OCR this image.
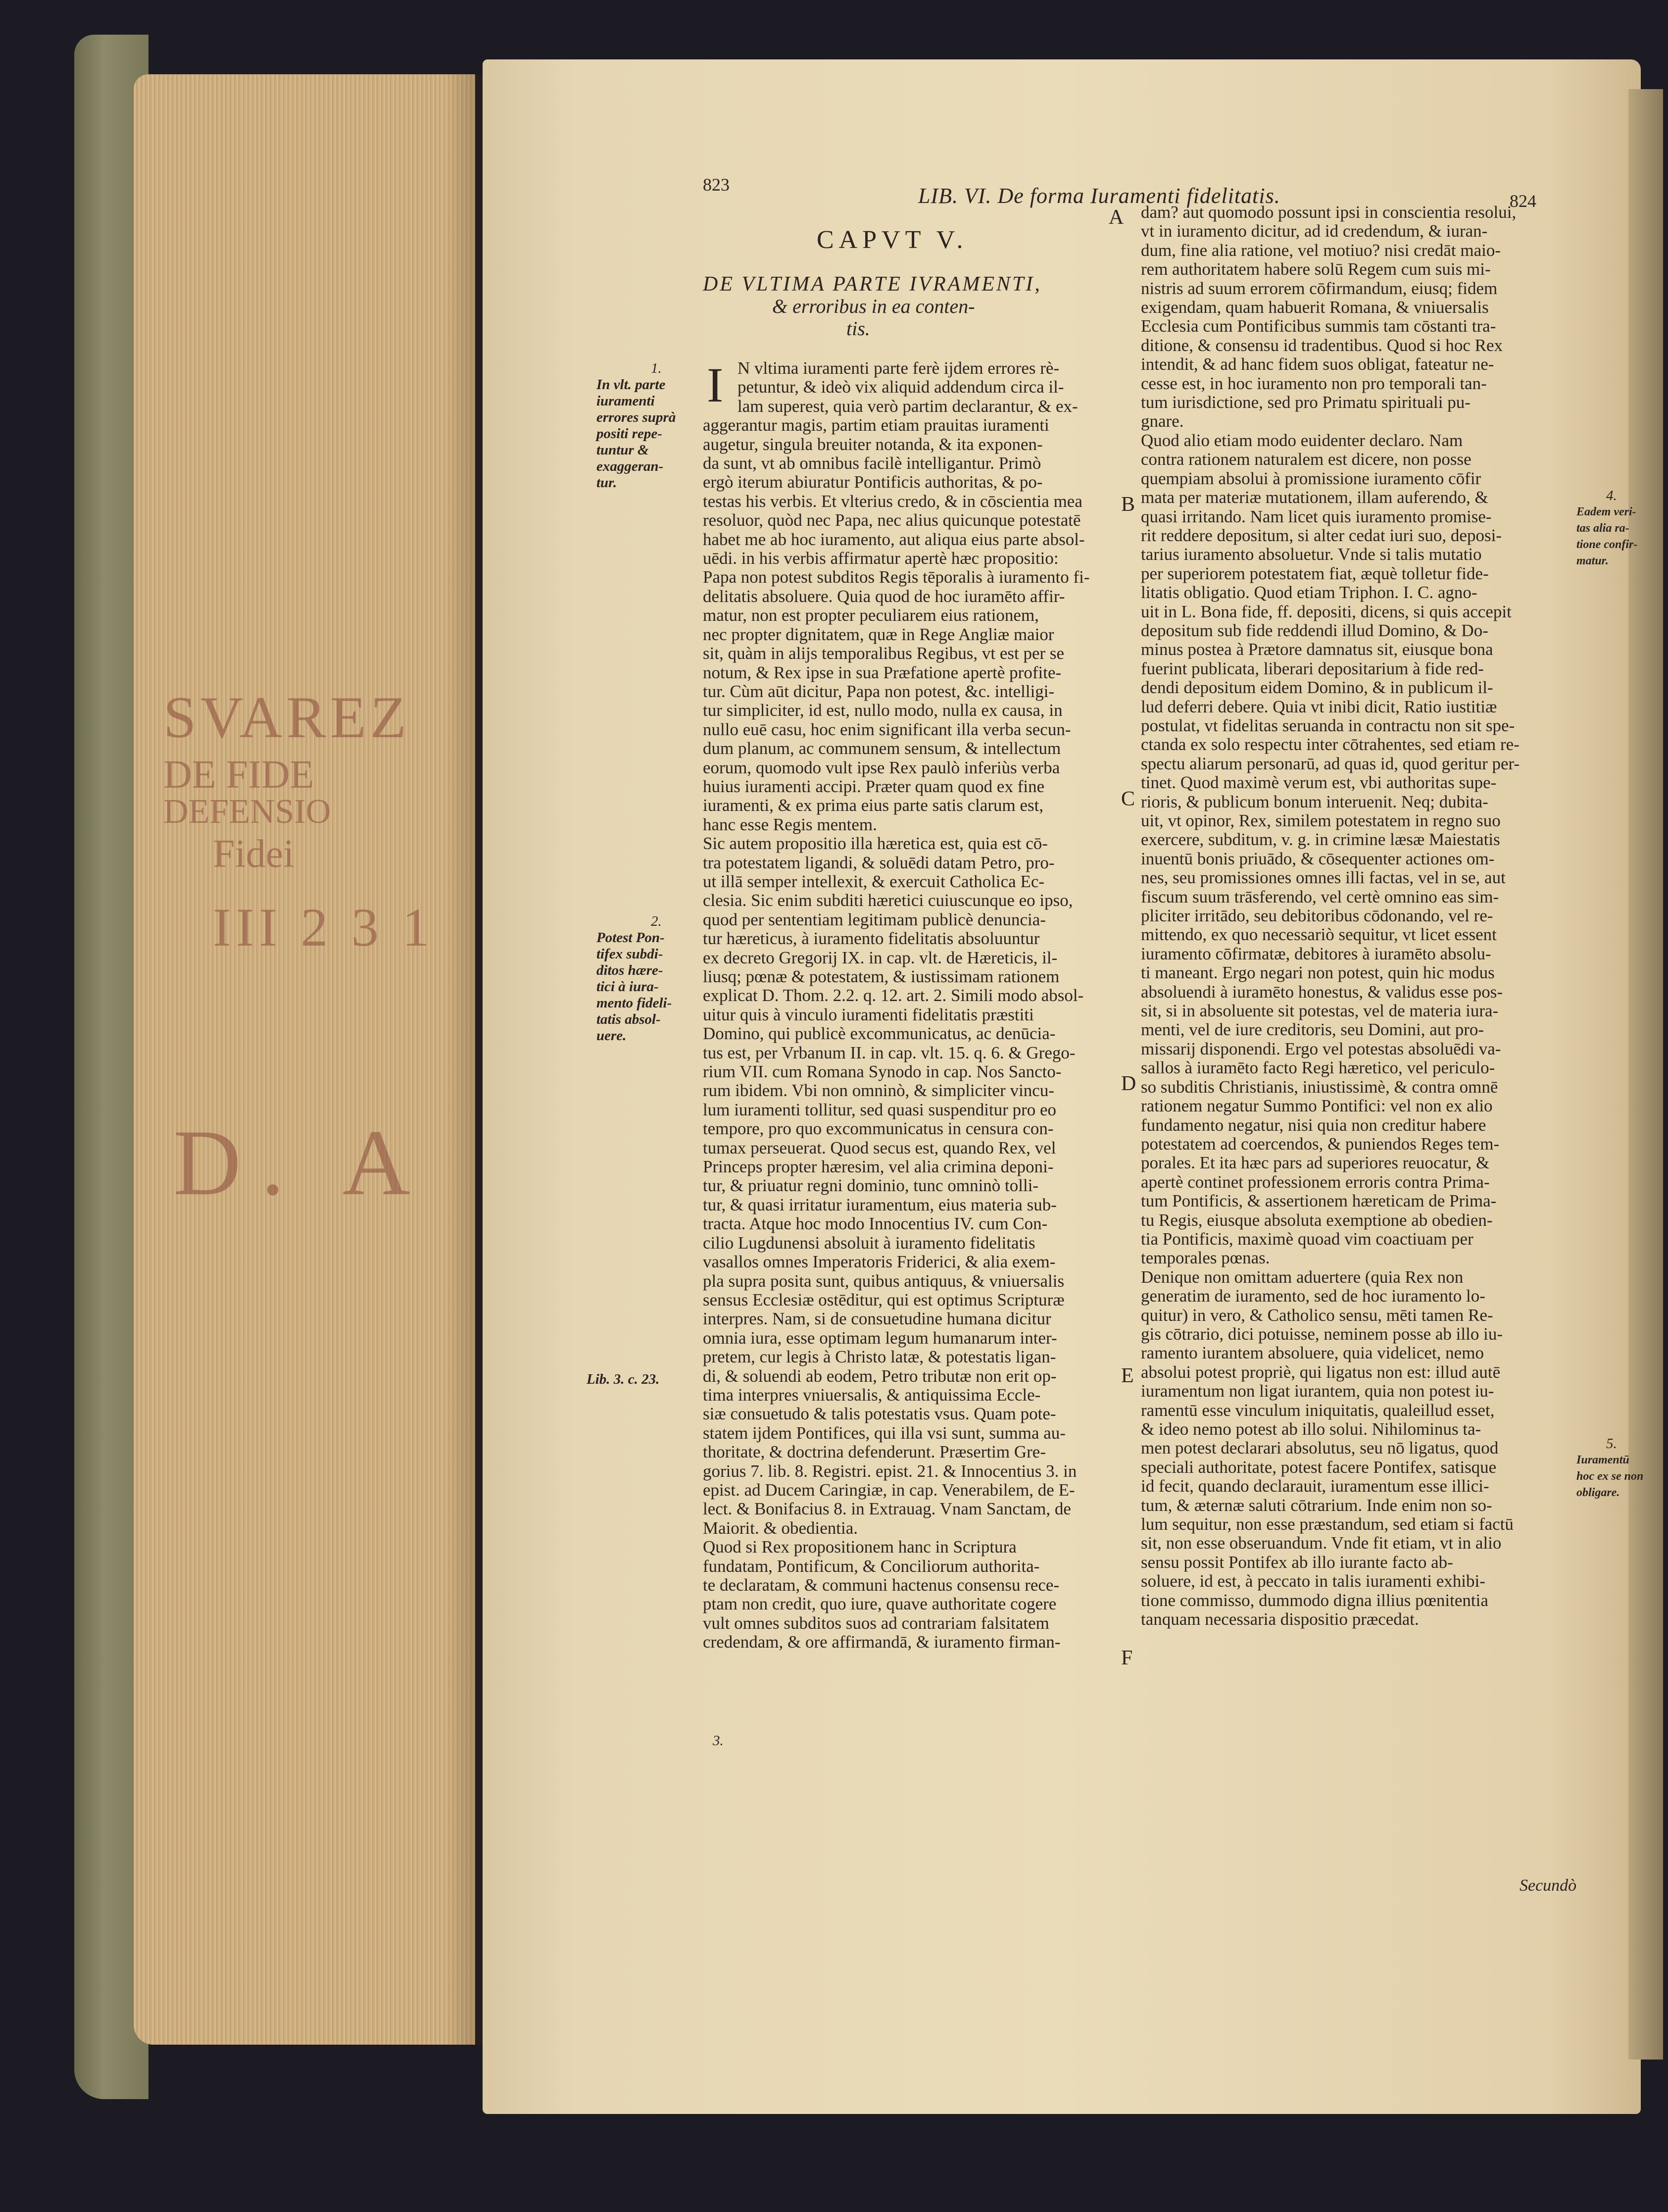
SVAREZ
DE FIDE
DEFENSIO
Fidei
III 2 3 1
D. A
823	LIB. VI. De forma Iuramenti fidelitatis.	824
CAPVT V.
DE VLTIMA PARTE IVRAMENTI,
& erroribus in ea conten-
tis.
I N vltima iuramenti parte ferè ijdem errores rè-
petuntur, & ideò vix aliquid addendum circa il-
lam superest, quia verò partim declarantur, & ex-
aggerantur magis, partim etiam prauitas iuramenti
augetur, singula breuiter notanda, & ita exponen-
da sunt, vt ab omnibus facilè intelligantur. Primò
ergò iterum abiuratur Pontificis authoritas, & po-
testas his verbis. Et vlterius credo, & in cōscientia mea
resoluor, quòd nec Papa, nec alius quicunque potestatē
habet me ab hoc iuramento, aut aliqua eius parte absol-
uēdi. in his verbis affirmatur apertè hæc propositio:
Papa non potest subditos Regis tēporalis à iuramento fi-
delitatis absoluere. Quia quod de hoc iuramēto affir-
matur, non est propter peculiarem eius rationem,
nec propter dignitatem, quæ in Rege Angliæ maior
sit, quàm in alijs temporalibus Regibus, vt est per se
notum, & Rex ipse in sua Præfatione apertè profite-
tur. Cùm aūt dicitur, Papa non potest, &c. intelligi-
tur simpliciter, id est, nullo modo, nulla ex causa, in
nullo euē casu, hoc enim significant illa verba secun-
dum planum, ac communem sensum, & intellectum
eorum, quomodo vult ipse Rex paulò inferiùs verba
huius iuramenti accipi. Præter quam quod ex fine
iuramenti, & ex prima eius parte satis clarum est,
hanc esse Regis mentem.
Sic autem propositio illa hæretica est, quia est cō-
tra potestatem ligandi, & soluēdi datam Petro, pro-
ut illā semper intellexit, & exercuit Catholica Ec-
clesia. Sic enim subditi hæretici cuiuscunque eo ipso,
quod per sententiam legitimam publicè denuncia-
tur hæreticus, à iuramento fidelitatis absoluuntur
ex decreto Gregorij IX. in cap. vlt. de Hæreticis, il-
liusq; pœnæ & potestatem, & iustissimam rationem
explicat D. Thom. 2.2. q. 12. art. 2. Simili modo absol-
uitur quis à vinculo iuramenti fidelitatis præstiti
Domino, qui publicè excommunicatus, ac denūcia-
tus est, per Vrbanum II. in cap. vlt. 15. q. 6. & Grego-
rium VII. cum Romana Synodo in cap. Nos Sancto-
rum ibidem. Vbi non omninò, & simpliciter vincu-
lum iuramenti tollitur, sed quasi suspenditur pro eo
tempore, pro quo excommunicatus in censura con-
tumax perseuerat. Quod secus est, quando Rex, vel
Princeps propter hæresim, vel alia crimina deponi-
tur, & priuatur regni dominio, tunc omninò tolli-
tur, & quasi irritatur iuramentum, eius materia sub-
tracta. Atque hoc modo Innocentius IV. cum Con-
cilio Lugdunensi absoluit à iuramento fidelitatis
vasallos omnes Imperatoris Friderici, & alia exem-
pla supra posita sunt, quibus antiquus, & vniuersalis
sensus Ecclesiæ ostēditur, qui est optimus Scripturæ
interpres. Nam, si de consuetudine humana dicitur
omnia iura, esse optimam legum humanarum inter-
pretem, cur legis à Christo latæ, & potestatis ligan-
di, & soluendi ab eodem, Petro tributæ non erit op-
tima interpres vniuersalis, & antiquissima Eccle-
siæ consuetudo & talis potestatis vsus. Quam pote-
statem ijdem Pontifices, qui illa vsi sunt, summa au-
thoritate, & doctrina defenderunt. Præsertim Gre-
gorius 7. lib. 8. Registri. epist. 21. & Innocentius 3. in
epist. ad Ducem Caringiæ, in cap. Venerabilem, de E-
lect. & Bonifacius 8. in Extrauag. Vnam Sanctam, de
Maiorit. & obedientia.
Quod si Rex propositionem hanc in Scriptura
fundatam, Pontificum, & Conciliorum authorita-
te declaratam, & communi hactenus consensu rece-
ptam non credit, quo iure, quave authoritate cogere
vult omnes subditos suos ad contrariam falsitatem
credendam, & ore affirmandā, & iuramento firman-
dam? aut quomodo possunt ipsi in conscientia resolui,
vt in iuramento dicitur, ad id credendum, & iuran-
dum, fine alia ratione, vel motiuo? nisi credāt maio-
rem authoritatem habere solū Regem cum suis mi-
nistris ad suum errorem cōfirmandum, eiusq; fidem
exigendam, quam habuerit Romana, & vniuersalis
Ecclesia cum Pontificibus summis tam cōstanti tra-
ditione, & consensu id tradentibus. Quod si hoc Rex
intendit, & ad hanc fidem suos obligat, fateatur ne-
cesse est, in hoc iuramento non pro temporali tan-
tum iurisdictione, sed pro Primatu spirituali pu-
gnare.
Quod alio etiam modo euidenter declaro. Nam
contra rationem naturalem est dicere, non posse
quempiam absolui à promissione iuramento cōfir
mata per materiæ mutationem, illam auferendo, &
quasi irritando. Nam licet quis iuramento promise-
rit reddere depositum, si alter cedat iuri suo, deposi-
tarius iuramento absoluetur. Vnde si talis mutatio
per superiorem potestatem fiat, æquè tolletur fide-
litatis obligatio. Quod etiam Triphon. I. C. agno-
uit in L. Bona fide, ff. depositi, dicens, si quis accepit
depositum sub fide reddendi illud Domino, & Do-
minus postea à Prætore damnatus sit, eiusque bona
fuerint publicata, liberari depositarium à fide red-
dendi depositum eidem Domino, & in publicum il-
lud deferri debere. Quia vt inibi dicit, Ratio iustitiæ
postulat, vt fidelitas seruanda in contractu non sit spe-
ctanda ex solo respectu inter cōtrahentes, sed etiam re-
spectu aliarum personarū, ad quas id, quod geritur per-
tinet. Quod maximè verum est, vbi authoritas supe-
rioris, & publicum bonum interuenit. Neq; dubita-
uit, vt opinor, Rex, similem potestatem in regno suo
exercere, subditum, v. g. in crimine læsæ Maiestatis
inuentū bonis priuādo, & cōsequenter actiones om-
nes, seu promissiones omnes illi factas, vel in se, aut
fiscum suum trāsferendo, vel certè omnino eas sim-
pliciter irritādo, seu debitoribus cōdonando, vel re-
mittendo, ex quo necessariò sequitur, vt licet essent
iuramento cōfirmatæ, debitores à iuramēto absolu-
ti maneant. Ergo negari non potest, quin hic modus
absoluendi à iuramēto honestus, & validus esse pos-
sit, si in absoluente sit potestas, vel de materia iura-
menti, vel de iure creditoris, seu Domini, aut pro-
missarij disponendi. Ergo vel potestas absoluēdi va-
sallos à iuramēto facto Regi hæretico, vel periculo-
so subditis Christianis, iniustissimè, & contra omnē
rationem negatur Summo Pontifici: vel non ex alio
fundamento negatur, nisi quia non creditur habere
potestatem ad coercendos, & puniendos Reges tem-
porales. Et ita hæc pars ad superiores reuocatur, &
apertè continet professionem erroris contra Prima-
tum Pontificis, & assertionem hæreticam de Prima-
tu Regis, eiusque absoluta exemptione ab obedien-
tia Pontificis, maximè quoad vim coactiuam per
temporales pœnas.
Denique non omittam aduertere (quia Rex non
generatim de iuramento, sed de hoc iuramento lo-
quitur) in vero, & Catholico sensu, mēti tamen Re-
gis cōtrario, dici potuisse, neminem posse ab illo iu-
ramento iurantem absoluere, quia videlicet, nemo
absolui potest propriè, qui ligatus non est: illud autē
iuramentum non ligat iurantem, quia non potest iu-
ramentū esse vinculum iniquitatis, qualeillud esset,
& ideo nemo potest ab illo solui. Nihilominus ta-
men potest declarari absolutus, seu nō ligatus, quod
speciali authoritate, potest facere Pontifex, satisque
id fecit, quando declarauit, iuramentum esse illici-
tum, & æternæ saluti cōtrarium. Inde enim non so-
lum sequitur, non esse præstandum, sed etiam si factū
sit, non esse obseruandum. Vnde fit etiam, vt in alio
sensu possit Pontifex ab illo iurante facto ab-
soluere, id est, à peccato in talis iuramenti exhibi-
tione commisso, dummodo digna illius pœnitentia
tanquam necessaria dispositio præcedat.
Secundò
1.
In vlt. parte
iuramenti
errores suprà
positi repe-
tuntur &
exaggeran-
tur.
2.
Potest Pon-
tifex subdi-
ditos hære-
tici à iura-
mento fideli-
tatis absol-
uere.
Lib. 3. c. 23.
3.
4.
Eadem veri-
tas alia ra-
tione confir-
matur.
5.
Iuramentū
hoc ex se non
obligare.
A
B
C
D
E
F
